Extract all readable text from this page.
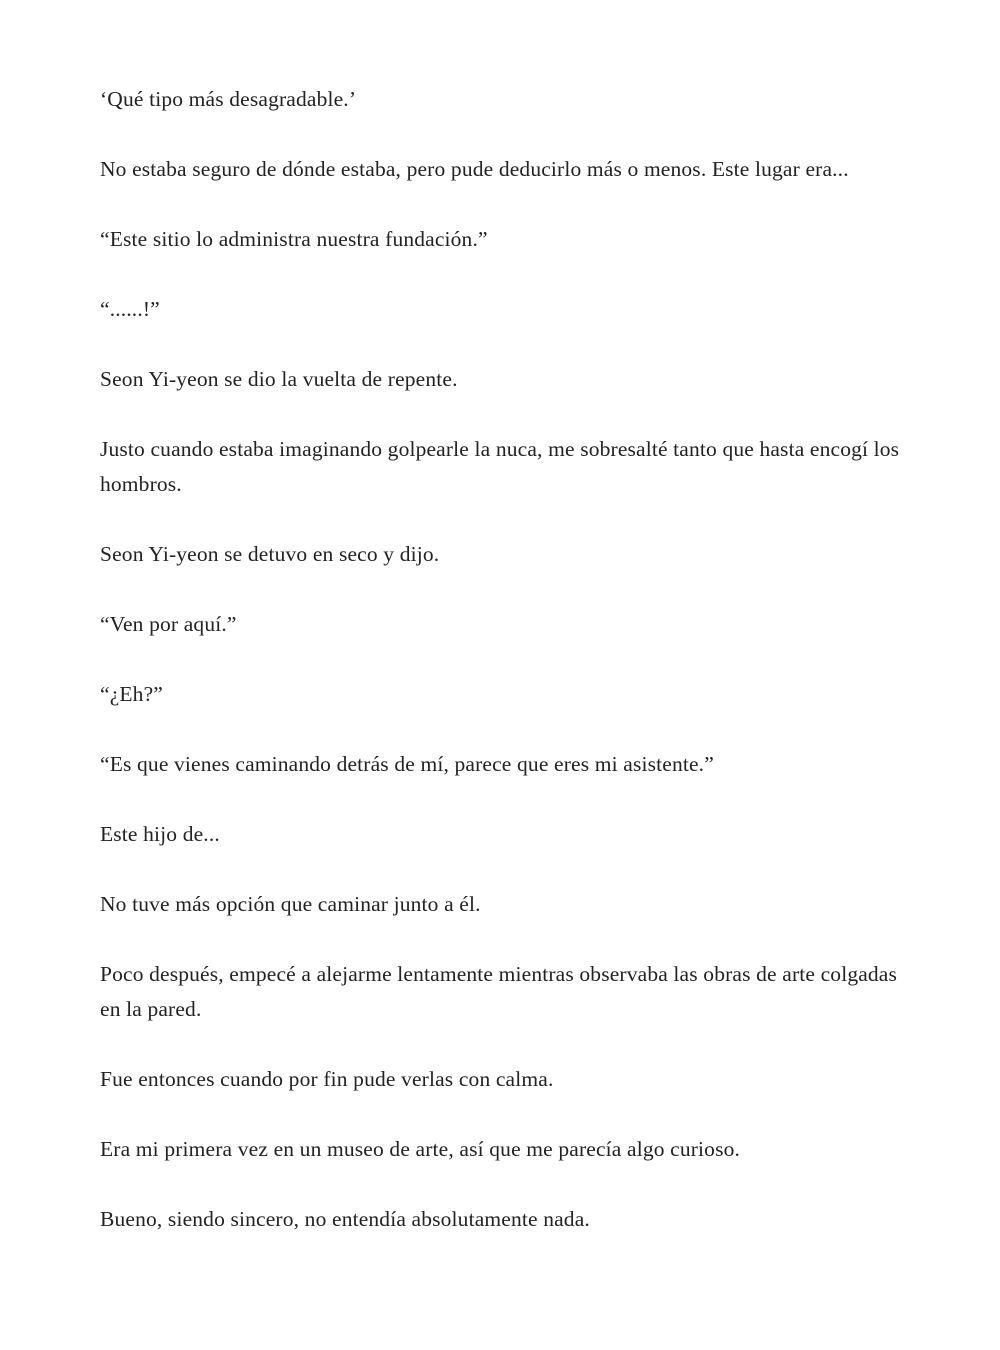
‘Qué tipo más desagradable.’

No estaba seguro de dónde estaba, pero pude deducirlo más o menos. Este lugar era...

“Este sitio lo administra nuestra fundación.”

“......!”

Seon Yi-yeon se dio la vuelta de repente.

Justo cuando estaba imaginando golpearle la nuca, me sobresalté tanto que hasta encogí los hombros.

Seon Yi-yeon se detuvo en seco y dijo.

“Ven por aquí.”

“¿Eh?”

“Es que vienes caminando detrás de mí, parece que eres mi asistente.”

Este hijo de...

No tuve más opción que caminar junto a él.

Poco después, empecé a alejarme lentamente mientras observaba las obras de arte colgadas en la pared.

Fue entonces cuando por fin pude verlas con calma.

Era mi primera vez en un museo de arte, así que me parecía algo curioso.

Bueno, siendo sincero, no entendía absolutamente nada.
